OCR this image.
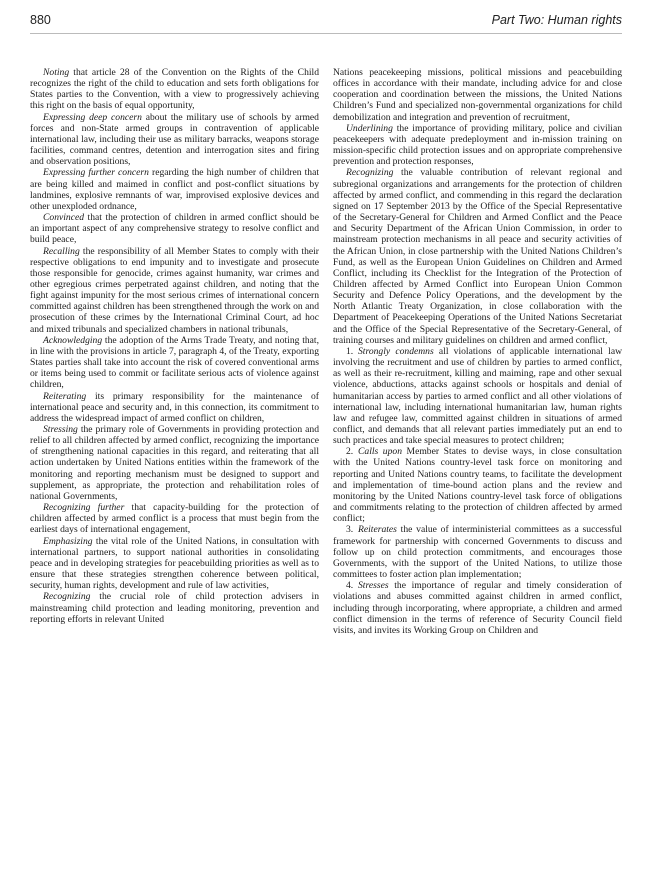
880	Part Two: Human rights

Noting that article 28 of the Convention on the Rights of the Child recognizes the right of the child to education and sets forth obligations for States parties to the Convention, with a view to progressively achieving this right on the basis of equal opportunity,

Expressing deep concern about the military use of schools by armed forces and non-State armed groups in contravention of applicable international law, including their use as military barracks, weapons storage facilities, command centres, detention and interrogation sites and firing and observation positions,

Expressing further concern regarding the high number of children that are being killed and maimed in conflict and post-conflict situations by landmines, explosive remnants of war, improvised explosive devices and other unexploded ordnance,

Convinced that the protection of children in armed conflict should be an important aspect of any comprehensive strategy to resolve conflict and build peace,

Recalling the responsibility of all Member States to comply with their respective obligations to end impunity and to investigate and prosecute those responsible for genocide, crimes against humanity, war crimes and other egregious crimes perpetrated against children, and noting that the fight against impunity for the most serious crimes of international concern committed against children has been strengthened through the work on and prosecution of these crimes by the International Criminal Court, ad hoc and mixed tribunals and specialized chambers in national tribunals,

Acknowledging the adoption of the Arms Trade Treaty, and noting that, in line with the provisions in article 7, paragraph 4, of the Treaty, exporting States parties shall take into account the risk of covered conventional arms or items being used to commit or facilitate serious acts of violence against children,

Reiterating its primary responsibility for the maintenance of international peace and security and, in this connection, its commitment to address the widespread impact of armed conflict on children,

Stressing the primary role of Governments in providing protection and relief to all children affected by armed conflict, recognizing the importance of strengthening national capacities in this regard, and reiterating that all action undertaken by United Nations entities within the framework of the monitoring and reporting mechanism must be designed to support and supplement, as appropriate, the protection and rehabilitation roles of national Governments,

Recognizing further that capacity-building for the protection of children affected by armed conflict is a process that must begin from the earliest days of international engagement,

Emphasizing the vital role of the United Nations, in consultation with international partners, to support national authorities in consolidating peace and in developing strategies for peacebuilding priorities as well as to ensure that these strategies strengthen coherence between political, security, human rights, development and rule of law activities,

Recognizing the crucial role of child protection advisers in mainstreaming child protection and leading monitoring, prevention and reporting efforts in relevant United

Nations peacekeeping missions, political missions and peacebuilding offices in accordance with their mandate, including advice for and close cooperation and coordination between the missions, the United Nations Children’s Fund and specialized non-governmental organizations for child demobilization and integration and prevention of recruitment,

Underlining the importance of providing military, police and civilian peacekeepers with adequate predeployment and in-mission training on mission-specific child protection issues and on appropriate comprehensive prevention and protection responses,

Recognizing the valuable contribution of relevant regional and subregional organizations and arrangements for the protection of children affected by armed conflict, and commending in this regard the declaration signed on 17 September 2013 by the Office of the Special Representative of the Secretary-General for Children and Armed Conflict and the Peace and Security Department of the African Union Commission, in order to mainstream protection mechanisms in all peace and security activities of the African Union, in close partnership with the United Nations Children’s Fund, as well as the European Union Guidelines on Children and Armed Conflict, including its Checklist for the Integration of the Protection of Children affected by Armed Conflict into European Union Common Security and Defence Policy Operations, and the development by the North Atlantic Treaty Organization, in close collaboration with the Department of Peacekeeping Operations of the United Nations Secretariat and the Office of the Special Representative of the Secretary-General, of training courses and military guidelines on children and armed conflict,

1. Strongly condemns all violations of applicable international law involving the recruitment and use of children by parties to armed conflict, as well as their re-recruitment, killing and maiming, rape and other sexual violence, abductions, attacks against schools or hospitals and denial of humanitarian access by parties to armed conflict and all other violations of international law, including international humanitarian law, human rights law and refugee law, committed against children in situations of armed conflict, and demands that all relevant parties immediately put an end to such practices and take special measures to protect children;

2. Calls upon Member States to devise ways, in close consultation with the United Nations country-level task force on monitoring and reporting and United Nations country teams, to facilitate the development and implementation of time-bound action plans and the review and monitoring by the United Nations country-level task force of obligations and commitments relating to the protection of children affected by armed conflict;

3. Reiterates the value of interministerial committees as a successful framework for partnership with concerned Governments to discuss and follow up on child protection commitments, and encourages those Governments, with the support of the United Nations, to utilize those committees to foster action plan implementation;

4. Stresses the importance of regular and timely consideration of violations and abuses committed against children in armed conflict, including through incorporating, where appropriate, a children and armed conflict dimension in the terms of reference of Security Council field visits, and invites its Working Group on Children and
